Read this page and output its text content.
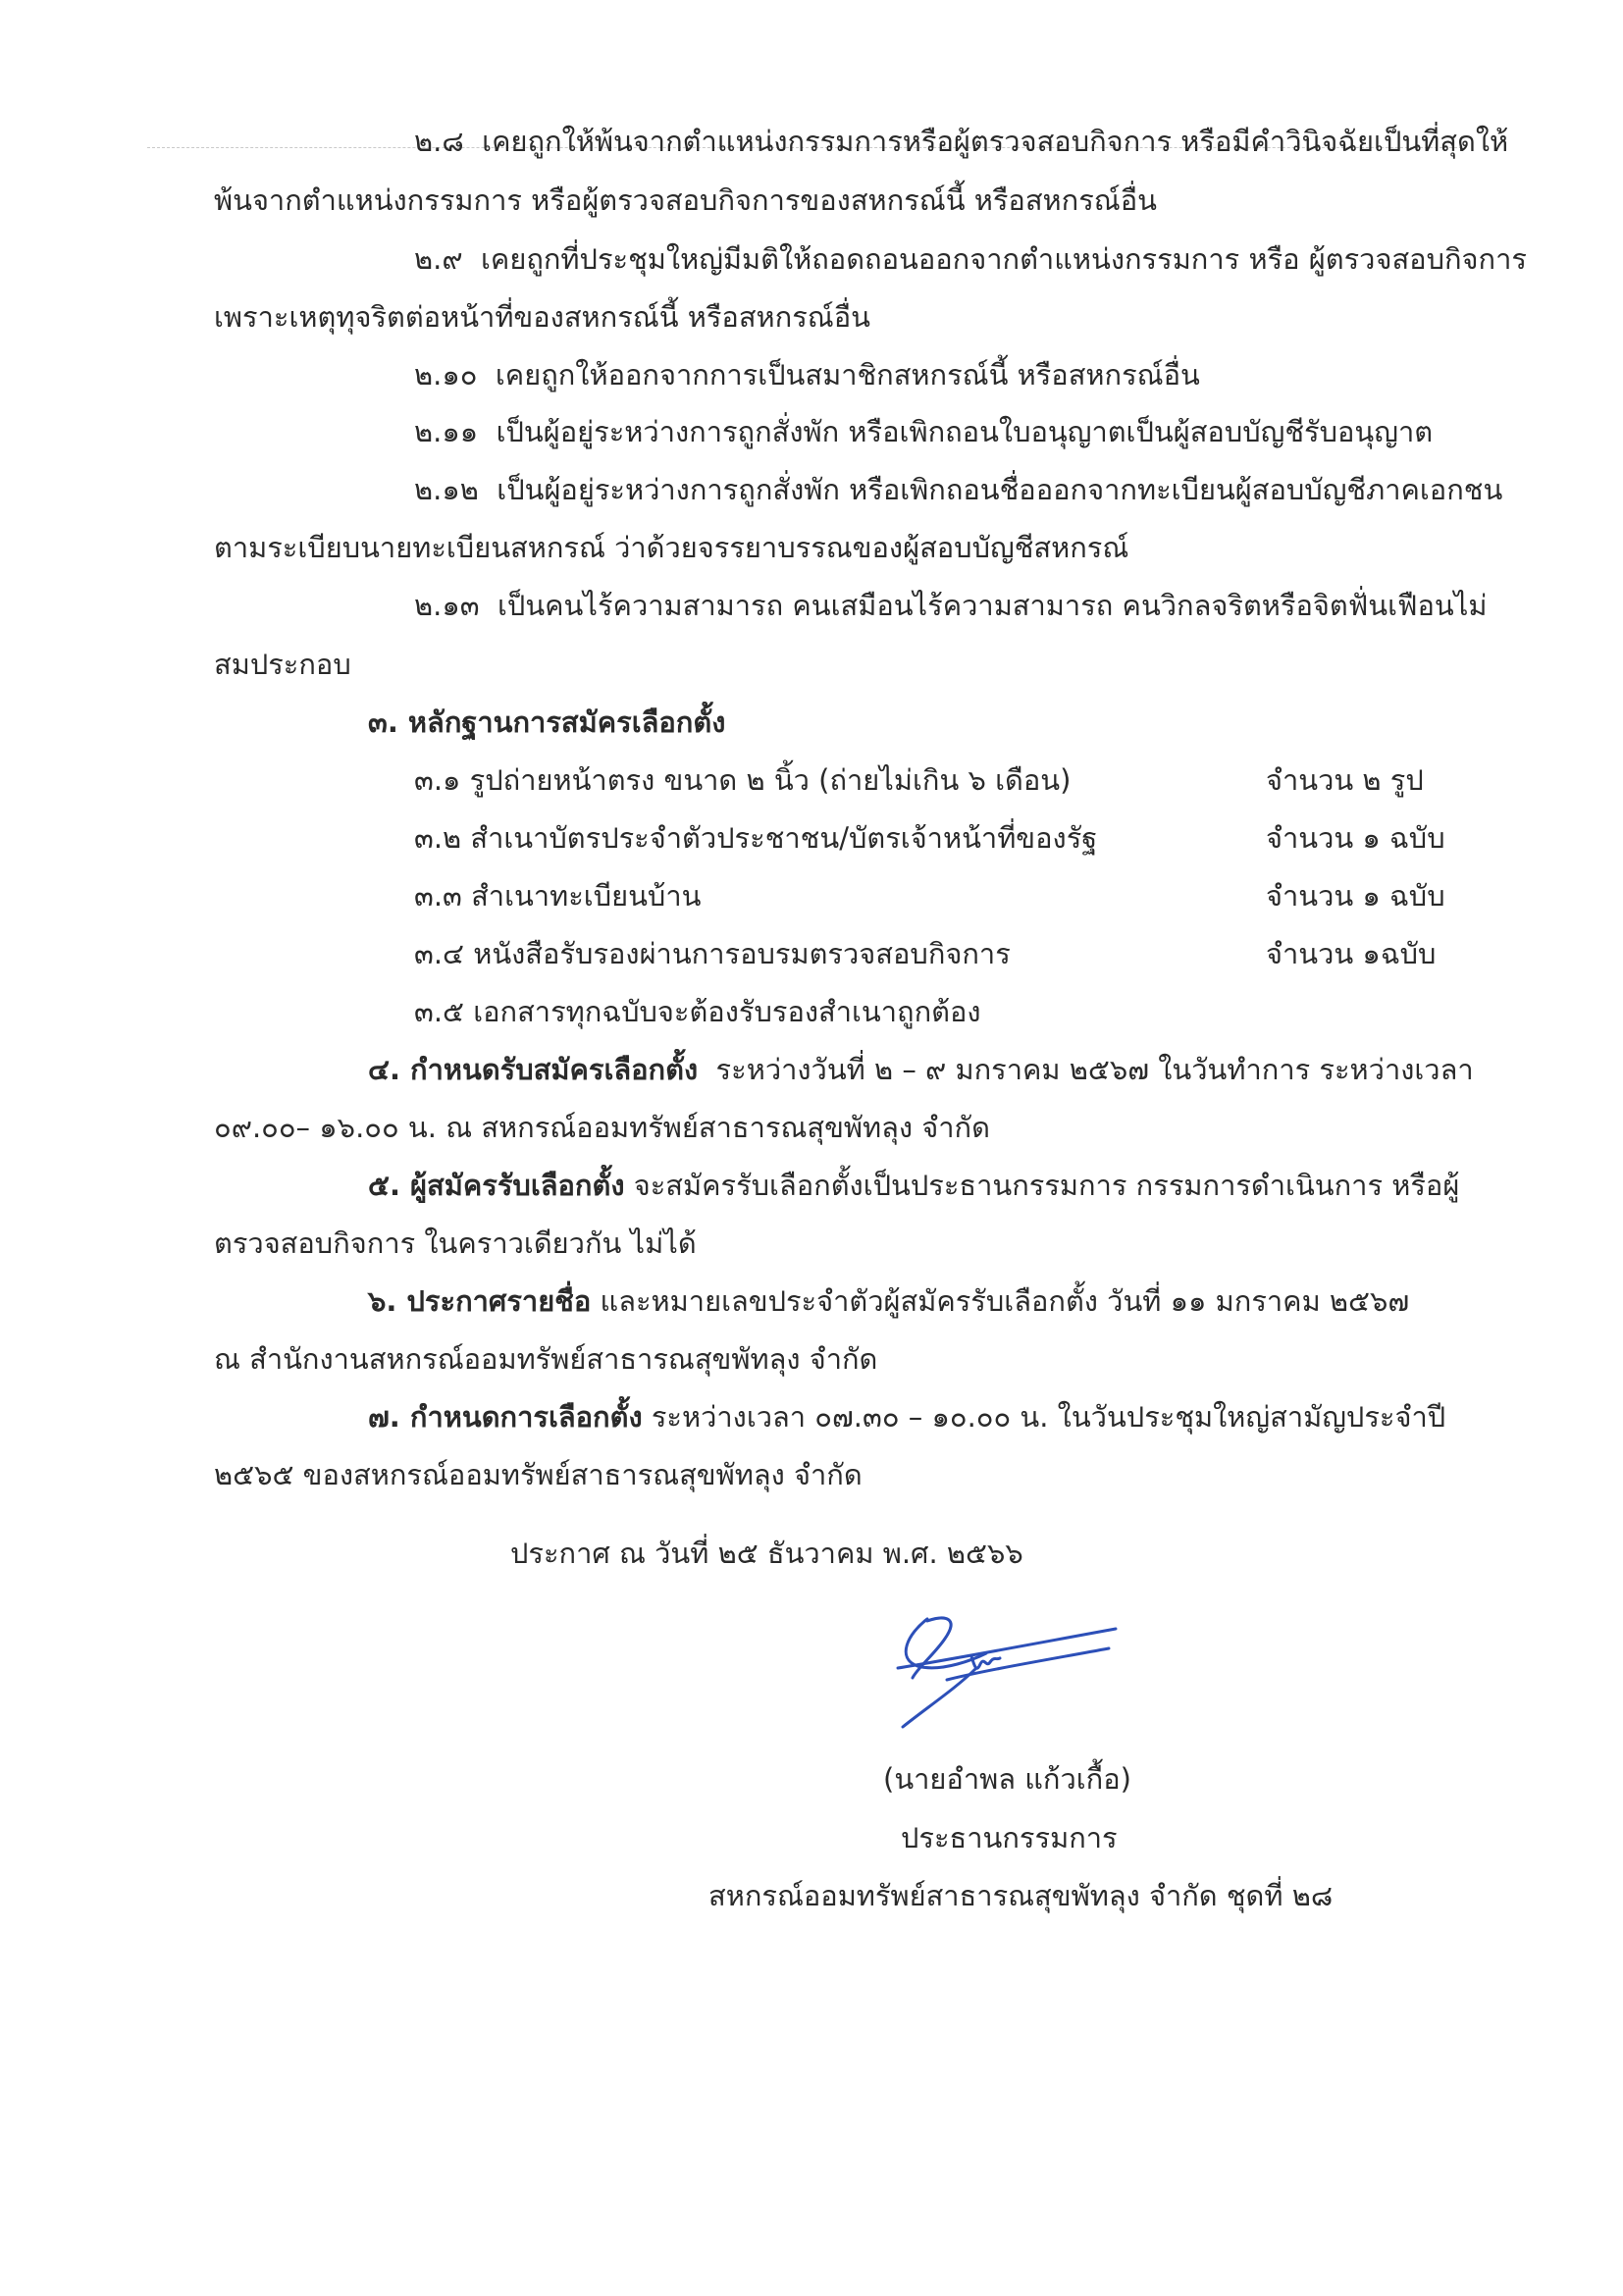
๒.๘ เคยถูกให้พ้นจากตำแหน่งกรรมการหรือผู้ตรวจสอบกิจการ หรือมีคำวินิจฉัยเป็นที่สุดให้
พ้นจากตำแหน่งกรรมการ หรือผู้ตรวจสอบกิจการของสหกรณ์นี้ หรือสหกรณ์อื่น
๒.๙ เคยถูกที่ประชุมใหญ่มีมติให้ถอดถอนออกจากตำแหน่งกรรมการ หรือ ผู้ตรวจสอบกิจการ
เพราะเหตุทุจริตต่อหน้าที่ของสหกรณ์นี้ หรือสหกรณ์อื่น
๒.๑๐ เคยถูกให้ออกจากการเป็นสมาชิกสหกรณ์นี้ หรือสหกรณ์อื่น
๒.๑๑ เป็นผู้อยู่ระหว่างการถูกสั่งพัก หรือเพิกถอนใบอนุญาตเป็นผู้สอบบัญชีรับอนุญาต
๒.๑๒ เป็นผู้อยู่ระหว่างการถูกสั่งพัก หรือเพิกถอนชื่อออกจากทะเบียนผู้สอบบัญชีภาคเอกชน
ตามระเบียบนายทะเบียนสหกรณ์ ว่าด้วยจรรยาบรรณของผู้สอบบัญชีสหกรณ์
๒.๑๓ เป็นคนไร้ความสามารถ คนเสมือนไร้ความสามารถ คนวิกลจริตหรือจิตฟั่นเฟือนไม่
สมประกอบ
๓. หลักฐานการสมัครเลือกตั้ง
๓.๑ รูปถ่ายหน้าตรง ขนาด ๒ นิ้ว (ถ่ายไม่เกิน ๖ เดือน)	จำนวน ๒ รูป
๓.๒ สำเนาบัตรประจำตัวประชาชน/บัตรเจ้าหน้าที่ของรัฐ	จำนวน ๑ ฉบับ
๓.๓ สำเนาทะเบียนบ้าน	จำนวน ๑ ฉบับ
๓.๔ หนังสือรับรองผ่านการอบรมตรวจสอบกิจการ	จำนวน ๑ฉบับ
๓.๕ เอกสารทุกฉบับจะต้องรับรองสำเนาถูกต้อง
๔. กำหนดรับสมัครเลือกตั้ง ระหว่างวันที่ ๒ – ๙ มกราคม ๒๕๖๗ ในวันทำการ ระหว่างเวลา
๐๙.๐๐– ๑๖.๐๐ น. ณ สหกรณ์ออมทรัพย์สาธารณสุขพัทลุง จำกัด
๕. ผู้สมัครรับเลือกตั้ง จะสมัครรับเลือกตั้งเป็นประธานกรรมการ กรรมการดำเนินการ หรือผู้
ตรวจสอบกิจการ ในคราวเดียวกัน ไม่ได้
๖. ประกาศรายชื่อ และหมายเลขประจำตัวผู้สมัครรับเลือกตั้ง วันที่ ๑๑ มกราคม ๒๕๖๗
ณ สำนักงานสหกรณ์ออมทรัพย์สาธารณสุขพัทลุง จำกัด
๗. กำหนดการเลือกตั้ง ระหว่างเวลา ๐๗.๓๐ – ๑๐.๐๐ น. ในวันประชุมใหญ่สามัญประจำปี
๒๕๖๕ ของสหกรณ์ออมทรัพย์สาธารณสุขพัทลุง จำกัด
ประกาศ ณ วันที่ ๒๕ ธันวาคม พ.ศ. ๒๕๖๖
(นายอำพล แก้วเกื้อ)
ประธานกรรมการ
สหกรณ์ออมทรัพย์สาธารณสุขพัทลุง จำกัด ชุดที่ ๒๘
